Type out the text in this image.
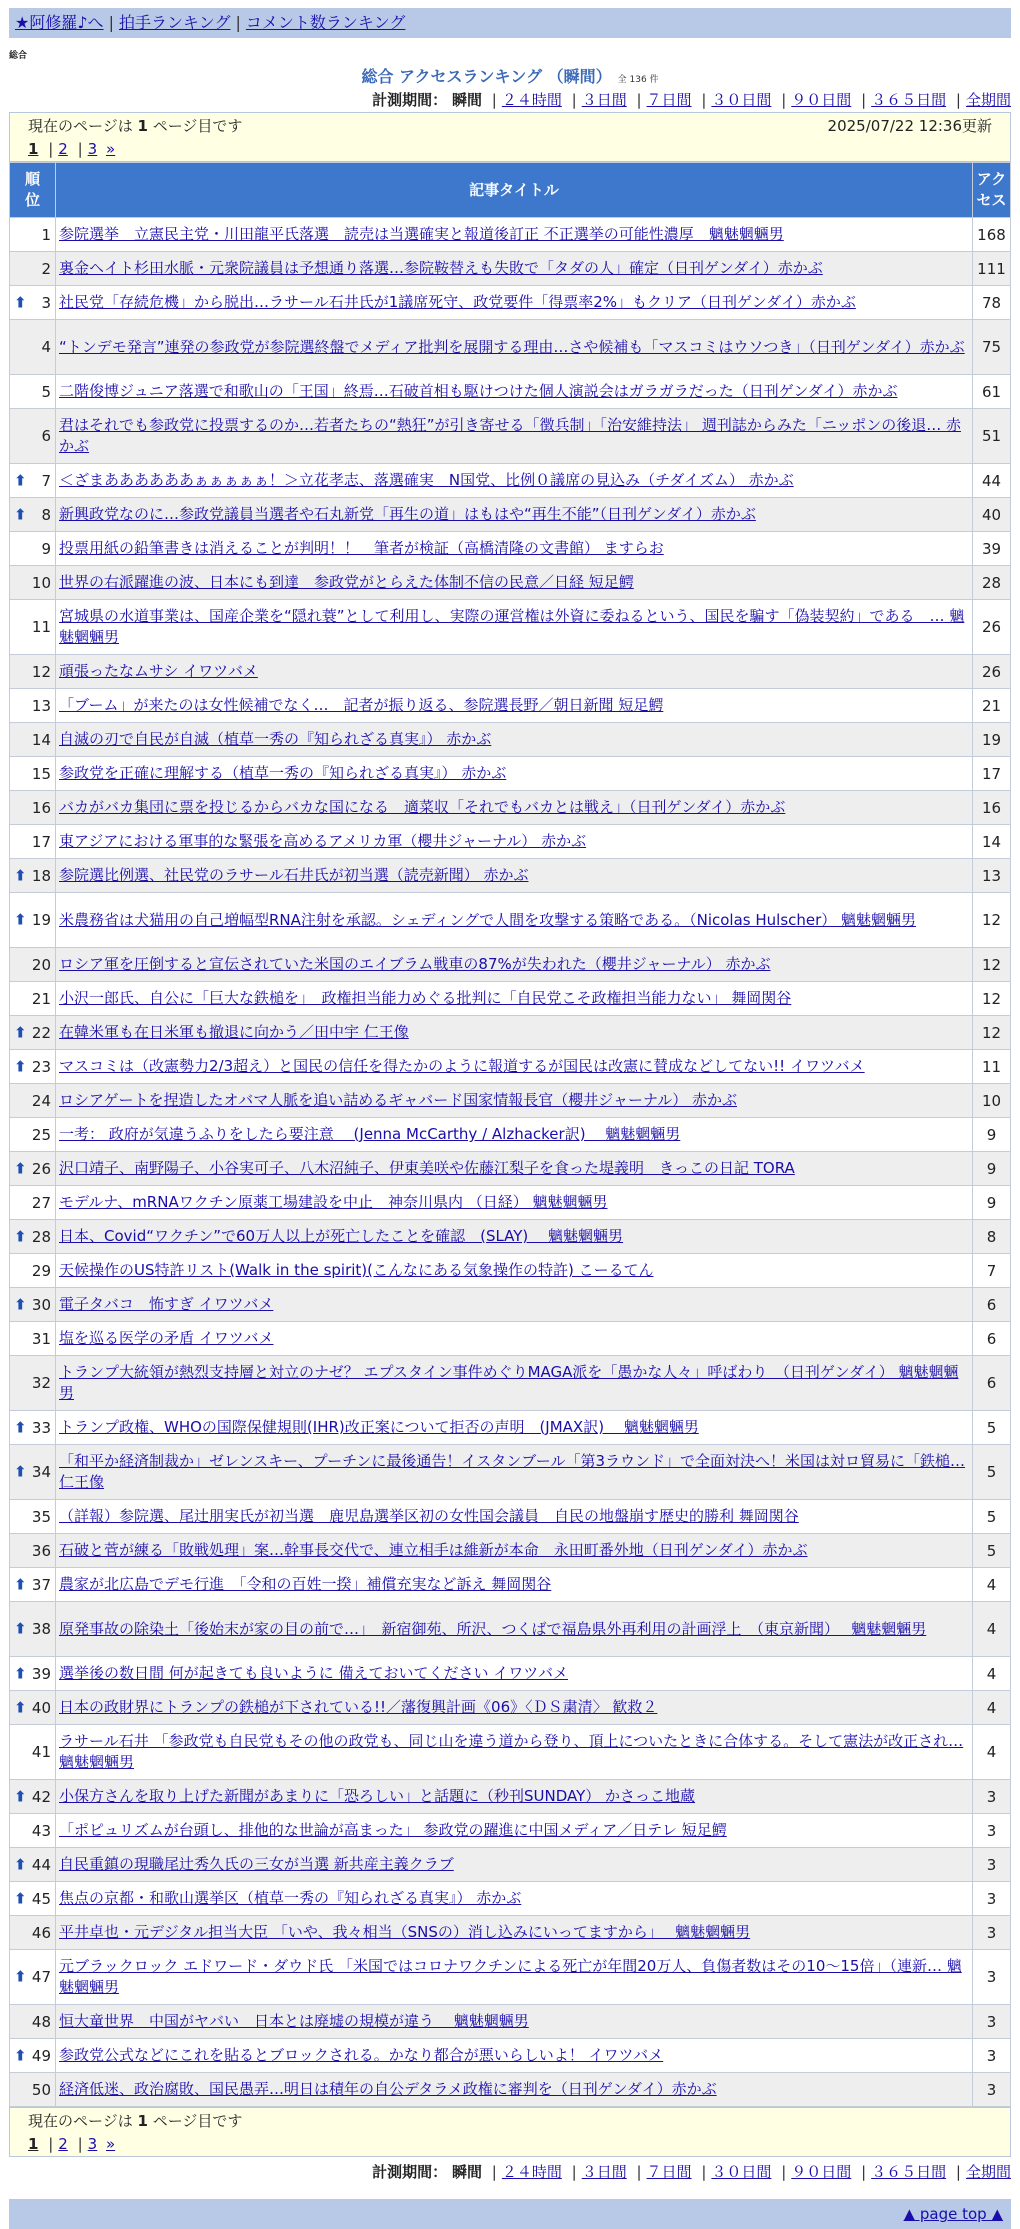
★阿修羅♪へ | 拍手ランキング | コメント数ランキング
総合
総合 アクセスランキング （瞬間） 全 136 件
計測期間： 瞬間 | ２４時間 | ３日間 | ７日間 | ３０日間 | ９０日間 | ３６５日間 | 全期間
現在のページは 1 ページ目です	2025/07/22 12:36更新
1 | 2 | 3 »
順位	記事タイトル	アクセス
1	参院選挙　立憲民主党・川田龍平氏落選　読売は当選確実と報道後訂正 不正選挙の可能性濃厚　魑魅魍魎男	168
2	裏金ヘイト杉田水脈・元衆院議員は予想通り落選…参院鞍替えも失敗で「タダの人」確定（日刊ゲンダイ）赤かぶ	111

⬆ 3	社民党「存続危機」から脱出…ラサール石井氏が1議席死守、政党要件「得票率2%」もクリア（日刊ゲンダイ）赤かぶ	78
4	“トンデモ発言”連発の参政党が参院選終盤でメディア批判を展開する理由…さや候補も「マスコミはウソつき」（日刊ゲンダイ）赤かぶ	75
5	二階俊博ジュニア落選で和歌山の「王国」終焉…石破首相も駆けつけた個人演説会はガラガラだった（日刊ゲンダイ）赤かぶ	61
6	君はそれでも参政党に投票するのか…若者たちの“熱狂”が引き寄せる「徴兵制」「治安維持法」 週刊誌からみた「ニッポンの後退… 赤かぶ	51

⬆ 7	＜ざまああああああぁぁぁぁぁ！＞立花孝志、落選確実　N国党、比例０議席の見込み（チダイズム） 赤かぶ	44

⬆ 8	新興政党なのに…参政党議員当選者や石丸新党「再生の道」はもはや“再生不能”（日刊ゲンダイ）赤かぶ	40
9	投票用紙の鉛筆書きは消えることが判明！！　筆者が検証（高橋清隆の文書館） ますらお	39
10	世界の右派躍進の波、日本にも到達　参政党がとらえた体制不信の民意／日経 短足鰐	28
11	宮城県の水道事業は、国産企業を“隠れ蓑”として利用し、実際の運営権は外資に委ねるという、国民を騙す「偽装契約」である　… 魑魅魍魎男	26
12	頑張ったなムサシ イワツバメ	26
13	「ブーム」が来たのは女性候補でなく…　記者が振り返る、参院選長野／朝日新聞 短足鰐	21
14	自滅の刃で自民が自滅（植草一秀の『知られざる真実』） 赤かぶ	19
15	参政党を正確に理解する（植草一秀の『知られざる真実』） 赤かぶ	17
16	バカがバカ集団に票を投じるからバカな国になる　適菜収「それでもバカとは戦え」（日刊ゲンダイ）赤かぶ	16
17	東アジアにおける軍事的な緊張を高めるアメリカ軍（櫻井ジャーナル） 赤かぶ	14

⬆ 18	参院選比例選、社民党のラサール石井氏が初当選（読売新聞） 赤かぶ	13

⬆ 19	米農務省は犬猫用の自己増幅型RNA注射を承認。シェディングで人間を攻撃する策略である。（Nicolas Hulscher） 魑魅魍魎男	12
20	ロシア軍を圧倒すると宣伝されていた米国のエイブラム戦車の87%が失われた（櫻井ジャーナル） 赤かぶ	12
21	小沢一郎氏、自公に「巨大な鉄槌を」　政権担当能力めぐる批判に「自民党こそ政権担当能力ない」 舞岡関谷	12

⬆ 22	在韓米軍も在日米軍も撤退に向かう／田中宇 仁王像	12

⬆ 23	マスコミは（改憲勢力2/3超え）と国民の信任を得たかのように報道するが国民は改憲に賛成などしてない!! イワツバメ	11
24	ロシアゲートを捏造したオバマ人脈を追い詰めるギャバード国家情報長官（櫻井ジャーナル） 赤かぶ	10
25	一考： 政府が気違うふりをしたら要注意　 (Jenna McCarthy / Alzhacker訳)　 魑魅魍魎男	9

⬆ 26	沢口靖子、南野陽子、小谷実可子、八木沼純子、伊東美咲や佐藤江梨子を食った堤義明　きっこの日記 TORA	9
27	モデルナ、mRNAワクチン原薬工場建設を中止　神奈川県内 （日経） 魑魅魍魎男	9

⬆ 28	日本、Covid“ワクチン”で60万人以上が死亡したことを確認　(SLAY)　 魑魅魍魎男	8
29	天候操作のUS特許リスト(Walk in the spirit)(こんなにある気象操作の特許) こーるてん	7

⬆ 30	電子タバコ　怖すぎ イワツバメ	6
31	塩を巡る医学の矛盾 イワツバメ	6
32	トランプ大統領が熱烈支持層と対立のナゼ？ エプスタイン事件めぐりMAGA派を「愚かな人々」呼ばわり　（日刊ゲンダイ） 魑魅魍魎男	6

⬆ 33	トランプ政権、WHOの国際保健規則(IHR)改正案について拒否の声明　(JMAX訳)　 魑魅魍魎男	5

⬆ 34	「和平か経済制裁か」ゼレンスキー、プーチンに最後通告！イスタンブール「第3ラウンド」で全面対決へ！米国は対ロ貿易に「鉄槌… 仁王像	5
35	（詳報）参院選、尾辻朋実氏が初当選　鹿児島選挙区初の女性国会議員　自民の地盤崩す歴史的勝利 舞岡関谷	5
36	石破と菅が練る「敗戦処理」案…幹事長交代で、連立相手は維新が本命　永田町番外地（日刊ゲンダイ）赤かぶ	5

⬆ 37	農家が北広島でデモ行進　「令和の百姓一揆」補償充実など訴え 舞岡関谷	4

⬆ 38	原発事故の除染土「後始末が家の目の前で…」　新宿御苑、所沢、つくばで福島県外再利用の計画浮上　（東京新聞）　 魑魅魍魎男	4

⬆ 39	選挙後の数日間 何が起きても良いように 備えておいてください イワツバメ	4

⬆ 40	日本の政財界にトランプの鉄槌が下されている!!／藩復興計画《06》〈ＤＳ粛清〉 歓救２	4
41	ラサール石井 「参政党も自民党もその他の政党も、同じ山を違う道から登り、頂上についたときに合体する。そして憲法が改正され… 魑魅魍魎男	4

⬆ 42	小保方さんを取り上げた新聞があまりに「恐ろしい」と話題に（秒刊SUNDAY） かさっこ地蔵	3
43	「ポピュリズムが台頭し、排他的な世論が高まった」 参政党の躍進に中国メディア／日テレ 短足鰐	3

⬆ 44	自民重鎮の現職尾辻秀久氏の三女が当選 新共産主義クラブ	3

⬆ 45	焦点の京都・和歌山選挙区（植草一秀の『知られざる真実』） 赤かぶ	3
46	平井卓也・元デジタル担当大臣 「いや、我々相当（SNSの）消し込みにいってますから」　 魑魅魍魎男	3

⬆ 47	元ブラックロック エドワード・ダウド氏 「米国ではコロナワクチンによる死亡が年間20万人、負傷者数はその10～15倍」（連新… 魑魅魍魎男	3
48	恒大童世界　中国がヤバい　日本とは廃墟の規模が違う　 魑魅魍魎男	3

⬆ 49	参政党公式などにこれを貼るとブロックされる。かなり都合が悪いらしいよ！ イワツバメ	3
50	経済低迷、政治腐敗、国民愚弄…明日は積年の自公デタラメ政権に審判を（日刊ゲンダイ）赤かぶ	3
現在のページは 1 ページ目です
1 | 2 | 3 »
計測期間： 瞬間 | ２４時間 | ３日間 | ７日間 | ３０日間 | ９０日間 | ３６５日間 | 全期間
▲ page top ▲
